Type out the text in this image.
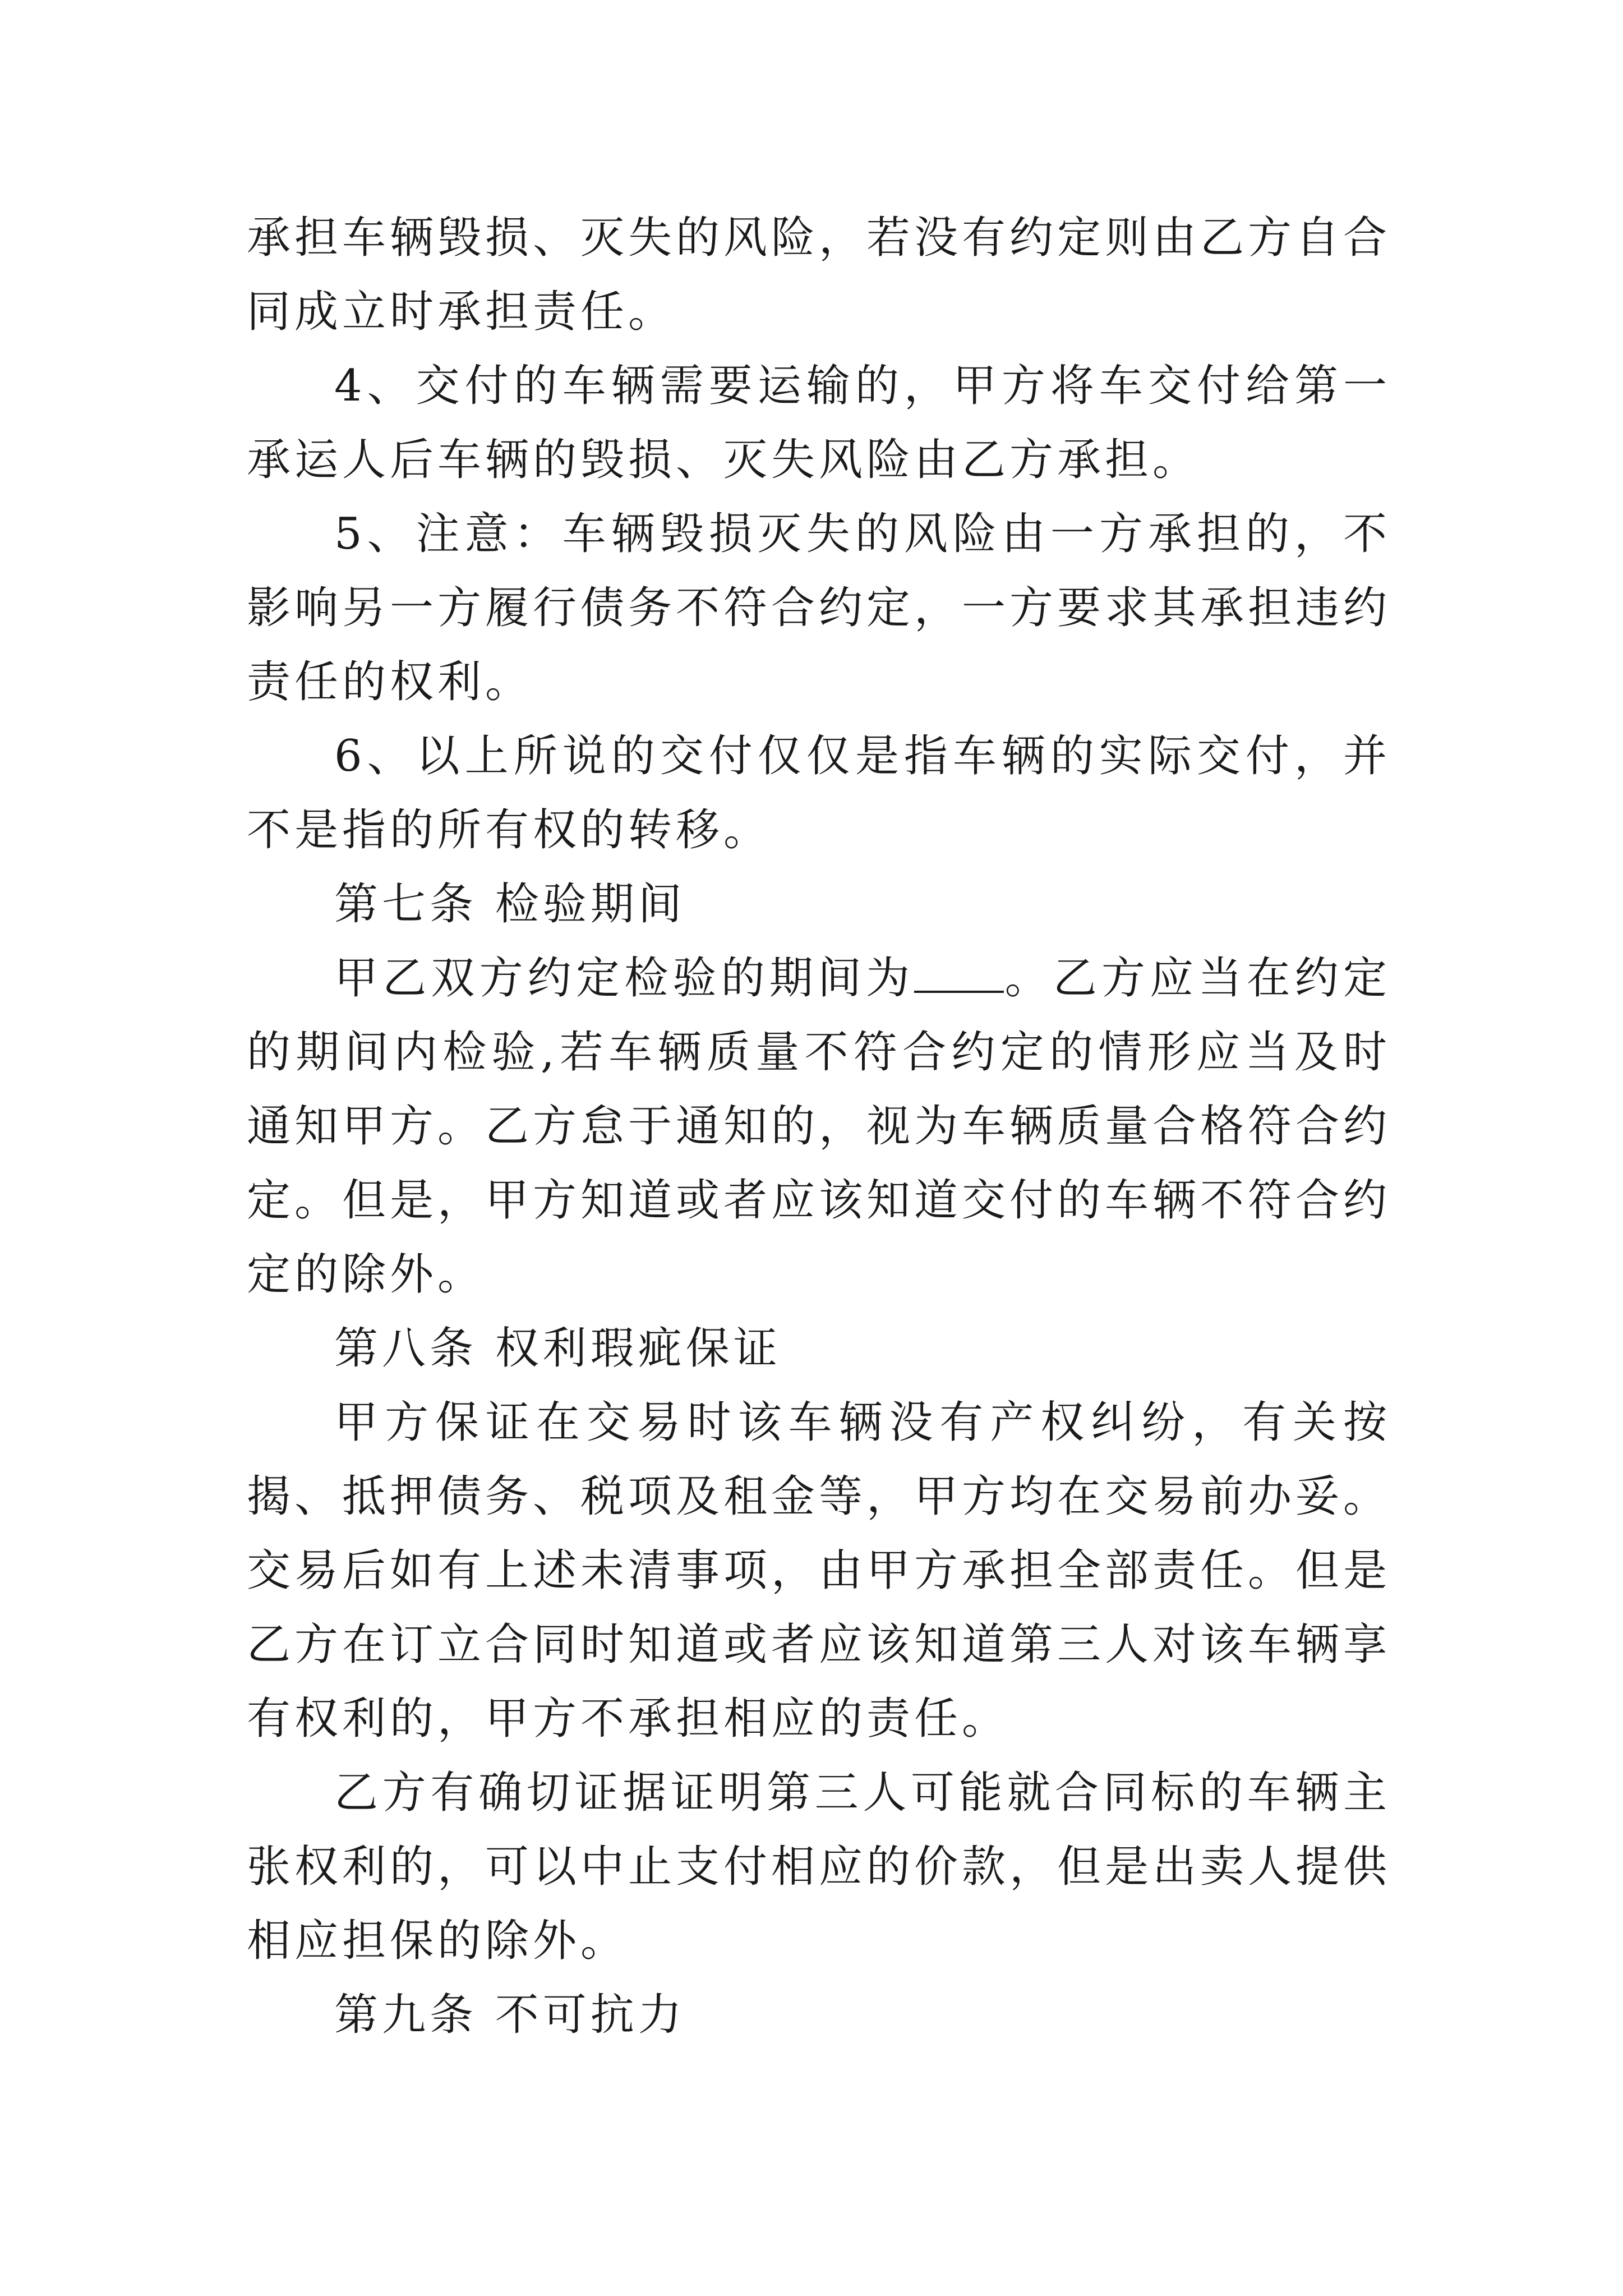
承担车辆毁损、灭失的风险，若没有约定则由乙方自合同成立时承担责任。

4、交付的车辆需要运输的，甲方将车交付给第一承运人后车辆的毁损、灭失风险由乙方承担。

5、注意：车辆毁损灭失的风险由一方承担的，不影响另一方履行债务不符合约定，一方要求其承担违约责任的权利。

6、以上所说的交付仅仅是指车辆的实际交付，并不是指的所有权的转移。

第七条 检验期间

甲乙双方约定检验的期间为 。乙方应当在约定的期间内检验,若车辆质量不符合约定的情形应当及时通知甲方。乙方怠于通知的，视为车辆质量合格符合约定。但是，甲方知道或者应该知道交付的车辆不符合约定的除外。

第八条 权利瑕疵保证

甲方保证在交易时该车辆没有产权纠纷，有关按揭、抵押债务、税项及租金等，甲方均在交易前办妥。交易后如有上述未清事项，由甲方承担全部责任。但是乙方在订立合同时知道或者应该知道第三人对该车辆享有权利的，甲方不承担相应的责任。

乙方有确切证据证明第三人可能就合同标的车辆主张权利的，可以中止支付相应的价款，但是出卖人提供相应担保的除外。

第九条 不可抗力
